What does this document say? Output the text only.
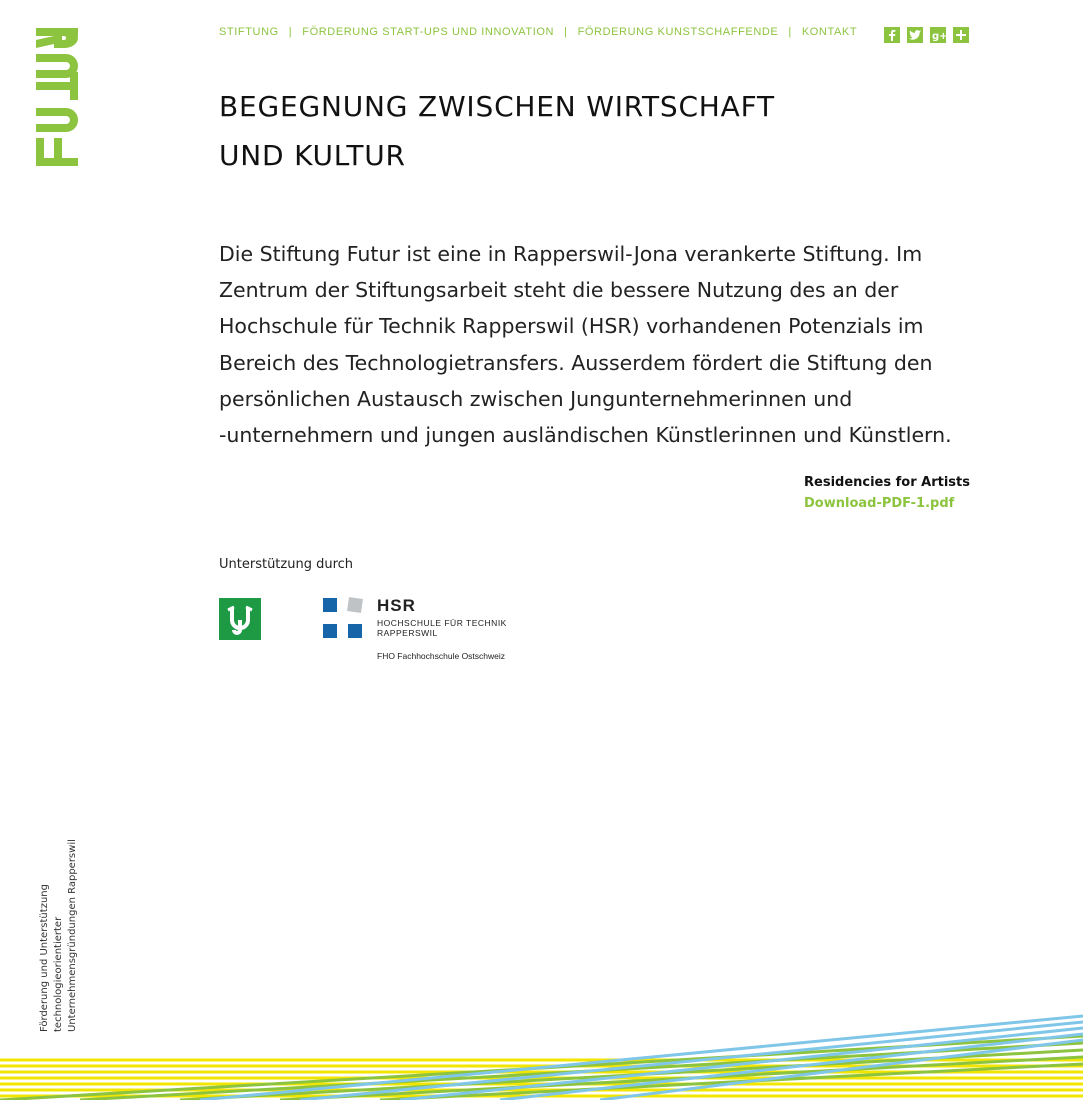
STIFTUNG | FÖRDERUNG START-UPS UND INNOVATION | FÖRDERUNG KUNSTSCHAFFENDE | KONTAKT	g+
BEGEGNUNG ZWISCHEN WIRTSCHAFT
UND KULTUR

Die Stiftung Futur ist eine in Rapperswil-Jona verankerte Stiftung. Im
Zentrum der Stiftungsarbeit steht die bessere Nutzung des an der
Hochschule für Technik Rapperswil (HSR) vorhandenen Potenzials im
Bereich des Technologietransfers. Ausserdem fördert die Stiftung den
persönlichen Austausch zwischen Jungunternehmerinnen und
-unternehmern und jungen ausländischen Künstlerinnen und Künstlern.

Residencies for Artists
Download-PDF-1.pdf
Unterstützung durch
HSR
HOCHSCHULE FÜR TECHNIK
RAPPERSWIL
FHO Fachhochschule Ostschweiz
Förderung und Unterstützung technologieorientierter Unternehmensgründungen Rapperswil
